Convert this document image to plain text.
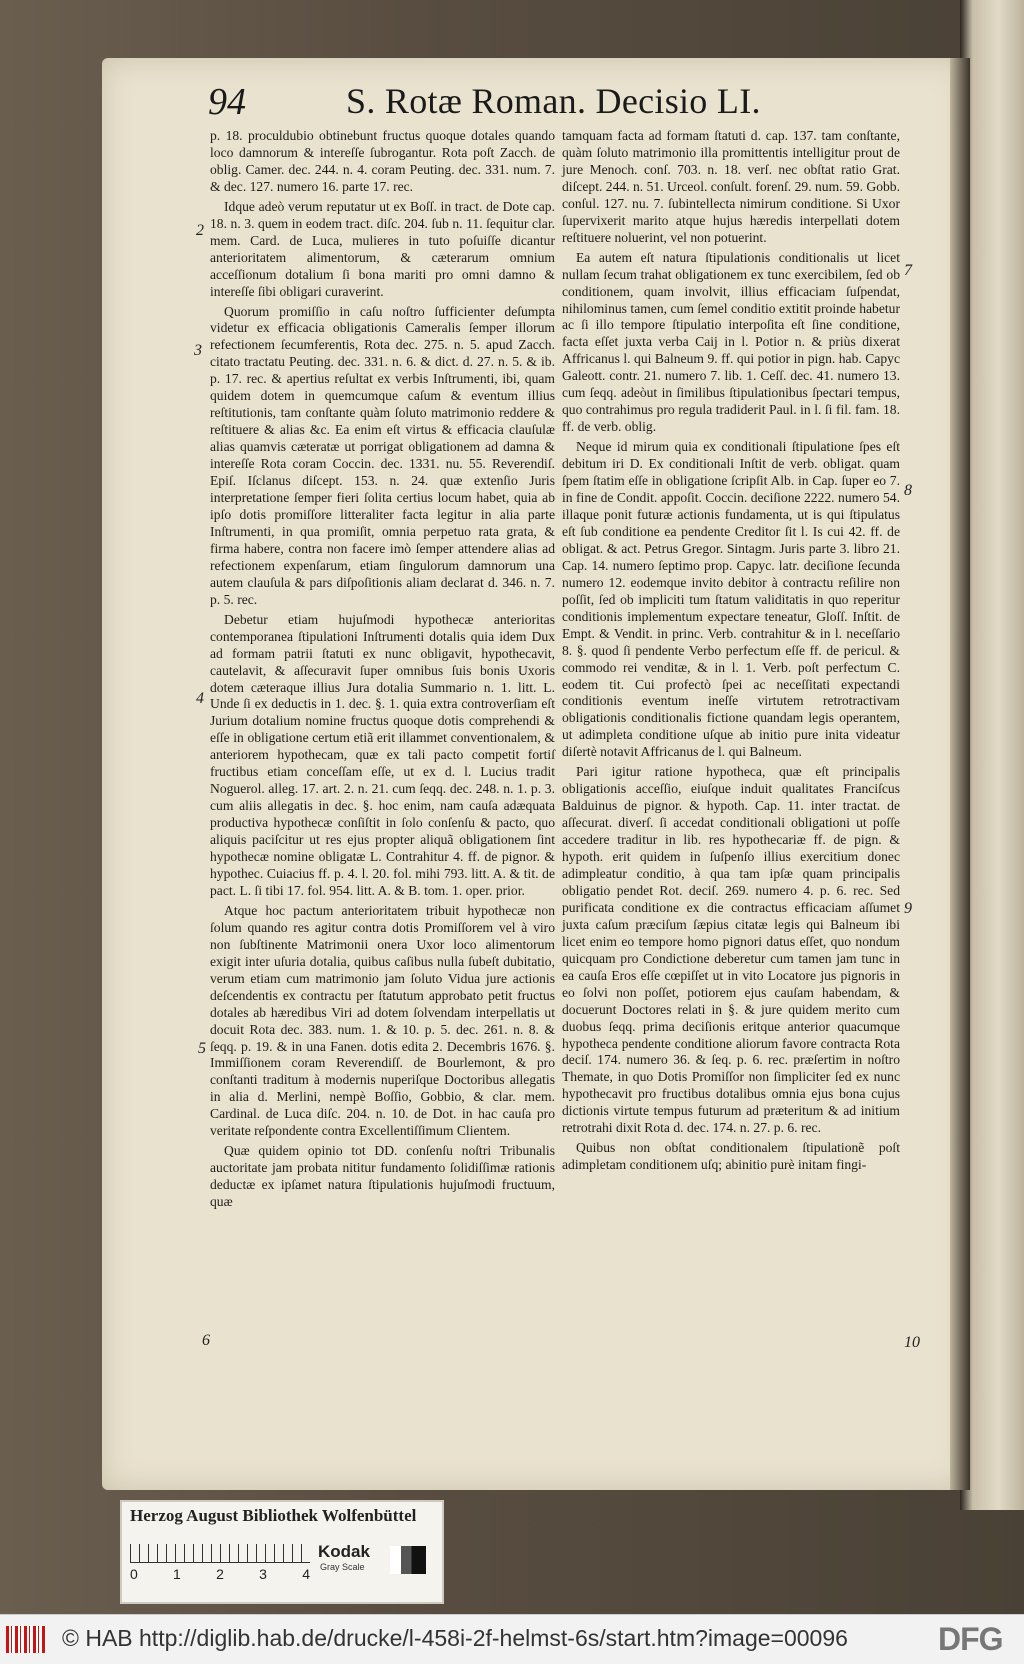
94	S. Rotæ Roman. Decisio LI.

p. 18. proculdubio obtinebunt fructus quoque dotales quando loco damnorum & intereſſe ſubrogantur. Rota poſt Zacch. de oblig. Camer. dec. 244. n. 4. coram Peuting. dec. 331. num. 7. & dec. 127. numero 16. parte 17. rec.

Idque adeò verum reputatur ut ex Boſſ. in tract. de Dote cap. 18. n. 3. quem in eodem tract. diſc. 204. ſub n. 11. ſequitur clar. mem. Card. de Luca, mulieres in tuto poſuiſſe dicantur anterioritatem alimentorum, & cæterarum omnium acceſſionum dotalium ſi bona mariti pro omni damno & intereſſe ſibi obligari curaverint.

Quorum promiſſio in caſu noſtro ſufficienter deſumpta videtur ex efficacia obligationis Cameralis ſemper illorum refectionem ſecumferentis, Rota dec. 275. n. 5. apud Zacch. citato tractatu Peuting. dec. 331. n. 6. & dict. d. 27. n. 5. & ib. p. 17. rec. & apertius reſultat ex verbis Inſtrumenti, ibi, quam quidem dotem in quemcumque caſum & eventum illius reſtitutionis, tam conſtante quàm ſoluto matrimonio reddere & reſtituere & alias &c. Ea enim eſt virtus & efficacia clauſulæ alias quamvis cæteratæ ut porrigat obligationem ad damna & intereſſe Rota coram Coccin. dec. 1331. nu. 55. Reverendiſ. Epiſ. Iſclanus diſcept. 153. n. 24. quæ extenſio Juris interpretatione ſemper fieri ſolita certius locum habet, quia ab ipſo dotis promiſſore litteraliter facta legitur in alia parte Inſtrumenti, in qua promiſit, omnia perpetuo rata grata, & firma habere, contra non facere imò ſemper attendere alias ad refectionem expenſarum, etiam ſingulorum damnorum una autem clauſula & pars diſpoſitionis aliam declarat d. 346. n. 7. p. 5. rec.

Debetur etiam hujuſmodi hypothecæ anterioritas contemporanea ſtipulationi Inſtrumenti dotalis quia idem Dux ad formam patrii ſtatuti ex nunc obligavit, hypothecavit, cautelavit, & aſſecuravit ſuper omnibus ſuis bonis Uxoris dotem cæteraque illius Jura dotalia Summario n. 1. litt. L. Unde ſi ex deductis in 1. dec. §. 1. quia extra controverſiam eſt Jurium dotalium nomine fructus quoque dotis comprehendi & eſſe in obligatione certum etiã erit illammet conventionalem, & anteriorem hypothecam, quæ ex tali pacto competit fortiſ fructibus etiam conceſſam eſſe, ut ex d. l. Lucius tradit Noguerol. alleg. 17. art. 2. n. 21. cum ſeqq. dec. 248. n. 1. p. 3. cum aliis allegatis in dec. §. hoc enim, nam cauſa adæquata productiva hypothecæ conſiſtit in ſolo conſenſu & pacto, quo aliquis paciſcitur ut res ejus propter aliquã obligationem ſint hypothecæ nomine obligatæ L. Contrahitur 4. ff. de pignor. & hypothec. Cuiacius ff. p. 4. l. 20. fol. mihi 793. litt. A. & tit. de pact. L. ſi tibi 17. fol. 954. litt. A. & B. tom. 1. oper. prior.

Atque hoc pactum anterioritatem tribuit hypothecæ non ſolum quando res agitur contra dotis Promiſſorem vel à viro non ſubſtinente Matrimonii onera Uxor loco alimentorum exigit inter uſuria dotalia, quibus caſibus nulla ſubeſt dubitatio, verum etiam cum matrimonio jam ſoluto Vidua jure actionis deſcendentis ex contractu per ſtatutum approbato petit fructus dotales ab hæredibus Viri ad dotem ſolvendam interpellatis ut docuit Rota dec. 383. num. 1. & 10. p. 5. dec. 261. n. 8. & ſeqq. p. 19. & in una Fanen. dotis edita 2. Decembris 1676. §. Immiſſionem coram Reverendiſſ. de Bourlemont, & pro conſtanti traditum à modernis nuperiſque Doctoribus allegatis in alia d. Merlini, nempè Boſſio, Gobbio, & clar. mem. Cardinal. de Luca diſc. 204. n. 10. de Dot. in hac cauſa pro veritate reſpondente contra Excellentiſſimum Clientem.

Quæ quidem opinio tot DD. conſenſu noſtri Tribunalis auctoritate jam probata nititur fundamento ſolidiſſimæ rationis deductæ ex ipſamet natura ſtipulationis hujuſmodi fructuum, quæ

tamquam facta ad formam ſtatuti d. cap. 137. tam conſtante, quàm ſoluto matrimonio illa promittentis intelligitur prout de jure Menoch. conſ. 703. n. 18. verſ. nec obſtat ratio Grat. diſcept. 244. n. 51. Urceol. conſult. forenſ. 29. num. 59. Gobb. conſul. 127. nu. 7. ſubintellecta nimirum conditione. Si Uxor ſupervixerit marito atque hujus hæredis interpellati dotem reſtituere noluerint, vel non potuerint.

Ea autem eſt natura ſtipulationis conditionalis ut licet nullam ſecum trahat obligationem ex tunc exercibilem, ſed ob conditionem, quam involvit, illius efficaciam ſuſpendat, nihilominus tamen, cum ſemel conditio extitit proinde habetur ac ſi illo tempore ſtipulatio interpoſita eſt ſine conditione, facta eſſet juxta verba Caij in l. Potior n. & priùs dixerat Affricanus l. qui Balneum 9. ff. qui potior in pign. hab. Capyc Galeott. contr. 21. numero 7. lib. 1. Ceſſ. dec. 41. numero 13. cum ſeqq. adeòut in ſimilibus ſtipulationibus ſpectari tempus, quo contrahimus pro regula tradiderit Paul. in l. ſi fil. fam. 18. ff. de verb. oblig.

Neque id mirum quia ex conditionali ſtipulatione ſpes eſt debitum iri D. Ex conditionali Inſtit de verb. obligat. quam ſpem ſtatim eſſe in obligatione ſcripſit Alb. in Cap. ſuper eo 7. in fine de Condit. appoſit. Coccin. deciſione 2222. numero 54. illaque ponit futuræ actionis fundamenta, ut is qui ſtipulatus eſt ſub conditione ea pendente Creditor ſit l. Is cui 42. ff. de obligat. & act. Petrus Gregor. Sintagm. Juris parte 3. libro 21. Cap. 14. numero ſeptimo prop. Capyc. latr. deciſione ſecunda numero 12. eodemque invito debitor à contractu reſilire non poſſit, ſed ob impliciti tum ſtatum validitatis in quo reperitur conditionis implementum expectare teneatur, Gloſſ. Inſtit. de Empt. & Vendit. in princ. Verb. contrahitur & in l. neceſſario 8. §. quod ſi pendente Verbo perfectum eſſe ff. de pericul. & commodo rei venditæ, & in l. 1. Verb. poſt perfectum C. eodem tit. Cui profectò ſpei ac neceſſitati expectandi conditionis eventum ineſſe virtutem retrotractivam obligationis conditionalis fictione quandam legis operantem, ut adimpleta conditione uſque ab initio pure inita videatur diſertè notavit Affricanus de l. qui Balneum.

Pari igitur ratione hypotheca, quæ eſt principalis obligationis acceſſio, eiuſque induit qualitates Franciſcus Balduinus de pignor. & hypoth. Cap. 11. inter tractat. de aſſecurat. diverſ. ſi accedat conditionali obligationi ut poſſe accedere traditur in lib. res hypothecariæ ff. de pign. & hypoth. erit quidem in ſuſpenſo illius exercitium donec adimpleatur conditio, à qua tam ipſæ quam principalis obligatio pendet Rot. deciſ. 269. numero 4. p. 6. rec. Sed purificata conditione ex die contractus efficaciam aſſumet juxta caſum præciſum ſæpius citatæ legis qui Balneum ibi licet enim eo tempore homo pignori datus eſſet, quo nondum quicquam pro Condictione deberetur cum tamen jam tunc in ea cauſa Eros eſſe cœpiſſet ut in vito Locatore jus pignoris in eo ſolvi non poſſet, potiorem ejus cauſam habendam, & docuerunt Doctores relati in §. & jure quidem merito cum duobus ſeqq. prima deciſionis eritque anterior quacumque hypotheca pendente conditione aliorum favore contracta Rota deciſ. 174. numero 36. & ſeq. p. 6. rec. præſertim in noſtro Themate, in quo Dotis Promiſſor non ſimpliciter ſed ex nunc hypothecavit pro fructibus dotalibus omnia ejus bona cujus dictionis virtute tempus futurum ad præteritum & ad initium retrotrahi dixit Rota d. dec. 174. n. 27. p. 6. rec.

Quibus non obſtat conditionalem ſtipulationẽ poſt adimpletam conditionem uſq; abinitio purè initam fingi-

2
3
4
5
6
7
8
9
10
Herzog August Bibliothek Wolfenbüttel
0	1	2	3	4
Kodak
Gray Scale
© HAB http://diglib.hab.de/drucke/l-458i-2f-helmst-6s/start.htm?image=00096	DFG
